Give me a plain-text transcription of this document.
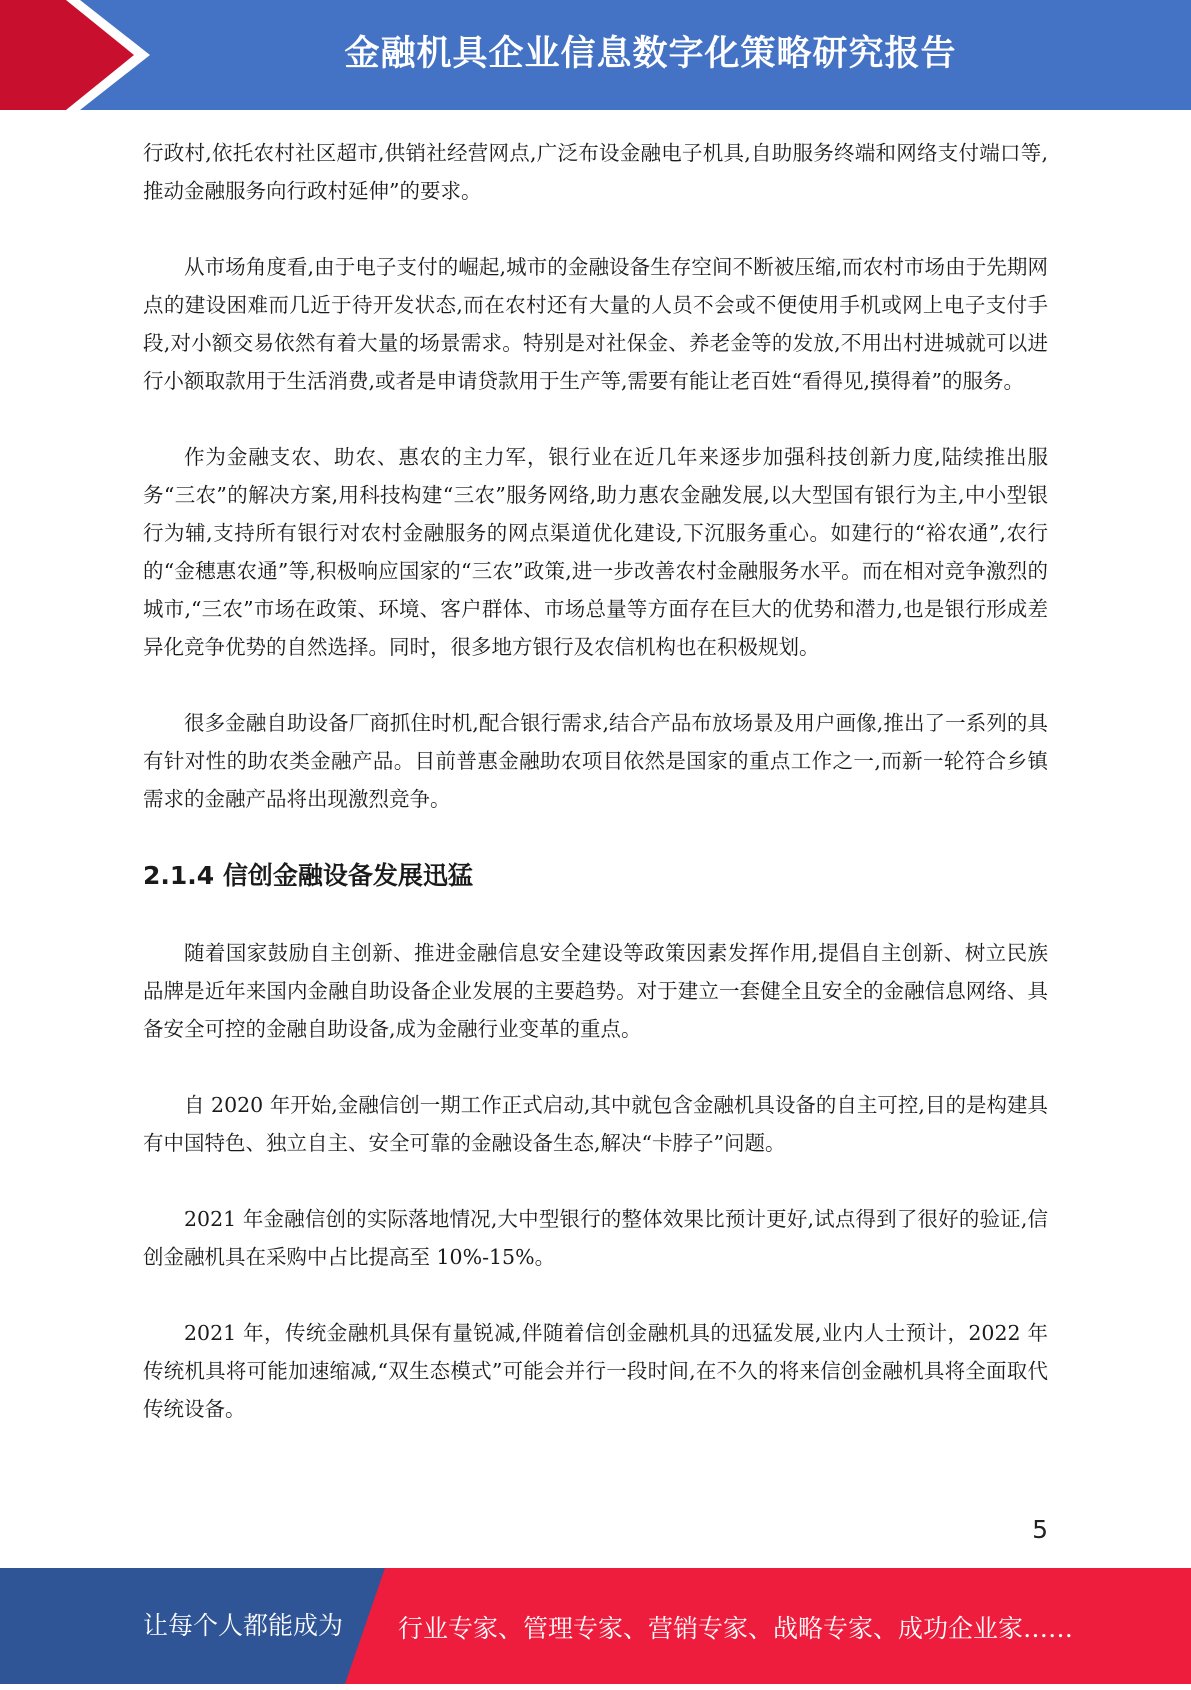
金融机具企业信息数字化策略研究报告

行政村,依托农村社区超市,供销社经营网点,广泛布设金融电子机具,自助服务终端和网络支付端口等,推动金融服务向行政村延伸”的要求。

从市场角度看,由于电子支付的崛起,城市的金融设备生存空间不断被压缩,而农村市场由于先期网点的建设困难而几近于待开发状态,而在农村还有大量的人员不会或不便使用手机或网上电子支付手段,对小额交易依然有着大量的场景需求。特别是对社保金、养老金等的发放,不用出村进城就可以进行小额取款用于生活消费,或者是申请贷款用于生产等,需要有能让老百姓“看得见,摸得着”的服务。

作为金融支农、助农、惠农的主力军，银行业在近几年来逐步加强科技创新力度,陆续推出服务“三农”的解决方案,用科技构建“三农”服务网络,助力惠农金融发展,以大型国有银行为主,中小型银行为辅,支持所有银行对农村金融服务的网点渠道优化建设,下沉服务重心。如建行的“裕农通”,农行的“金穗惠农通”等,积极响应国家的“三农”政策,进一步改善农村金融服务水平。而在相对竞争激烈的城市,“三农”市场在政策、环境、客户群体、市场总量等方面存在巨大的优势和潜力,也是银行形成差异化竞争优势的自然选择。同时，很多地方银行及农信机构也在积极规划。

很多金融自助设备厂商抓住时机,配合银行需求,结合产品布放场景及用户画像,推出了一系列的具有针对性的助农类金融产品。目前普惠金融助农项目依然是国家的重点工作之一,而新一轮符合乡镇需求的金融产品将出现激烈竞争。

2.1.4 信创金融设备发展迅猛

随着国家鼓励自主创新、推进金融信息安全建设等政策因素发挥作用,提倡自主创新、树立民族品牌是近年来国内金融自助设备企业发展的主要趋势。对于建立一套健全且安全的金融信息网络、具备安全可控的金融自助设备,成为金融行业变革的重点。

自 2020 年开始,金融信创一期工作正式启动,其中就包含金融机具设备的自主可控,目的是构建具有中国特色、独立自主、安全可靠的金融设备生态,解决“卡脖子”问题。

2021 年金融信创的实际落地情况,大中型银行的整体效果比预计更好,试点得到了很好的验证,信创金融机具在采购中占比提高至 10%-15%。

2021 年，传统金融机具保有量锐减,伴随着信创金融机具的迅猛发展,业内人士预计，2022 年传统机具将可能加速缩减,“双生态模式”可能会并行一段时间,在不久的将来信创金融机具将全面取代传统设备。

5
让每个人都能成为 行业专家、管理专家、营销专家、战略专家、成功企业家……
